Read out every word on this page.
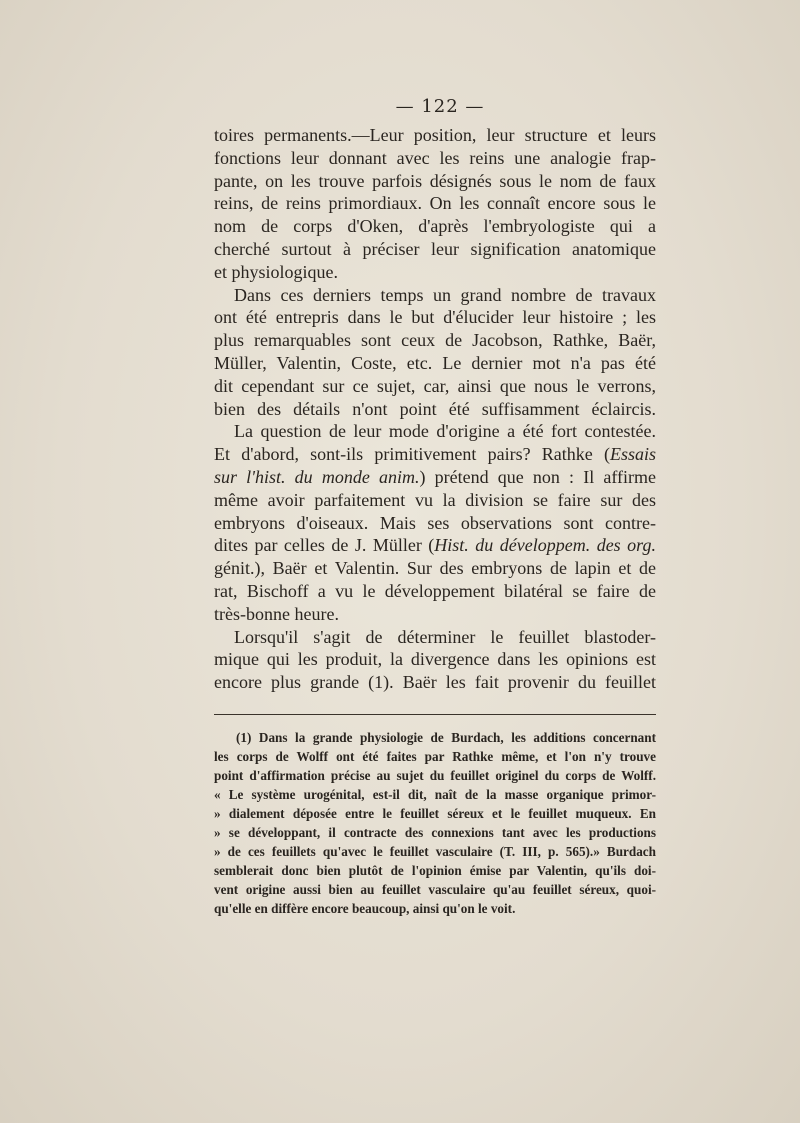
— 122 —
toires permanents.—Leur position, leur structure et leurs
fonctions leur donnant avec les reins une analogie frap-
pante, on les trouve parfois désignés sous le nom de faux
reins, de reins primordiaux. On les connaît encore sous le
nom de corps d'Oken, d'après l'embryologiste qui a
cherché surtout à préciser leur signification anatomique
et physiologique.
Dans ces derniers temps un grand nombre de travaux
ont été entrepris dans le but d'élucider leur histoire ; les
plus remarquables sont ceux de Jacobson, Rathke, Baër,
Müller, Valentin, Coste, etc. Le dernier mot n'a pas été
dit cependant sur ce sujet, car, ainsi que nous le verrons,
bien des détails n'ont point été suffisamment éclaircis.
La question de leur mode d'origine a été fort contestée.
Et d'abord, sont-ils primitivement pairs? Rathke (Essais
sur l'hist. du monde anim.) prétend que non : Il affirme
même avoir parfaitement vu la division se faire sur des
embryons d'oiseaux. Mais ses observations sont contre-
dites par celles de J. Müller (Hist. du développem. des org.
génit.), Baër et Valentin. Sur des embryons de lapin et de
rat, Bischoff a vu le développement bilatéral se faire de
très-bonne heure.
Lorsqu'il s'agit de déterminer le feuillet blastoder-
mique qui les produit, la divergence dans les opinions est
encore plus grande (1). Baër les fait provenir du feuillet
(1) Dans la grande physiologie de Burdach, les additions concernant
les corps de Wolff ont été faites par Rathke même, et l'on n'y trouve
point d'affirmation précise au sujet du feuillet originel du corps de Wolff.
« Le système urogénital, est-il dit, naît de la masse organique primor-
» dialement déposée entre le feuillet séreux et le feuillet muqueux. En
» se développant, il contracte des connexions tant avec les productions
» de ces feuillets qu'avec le feuillet vasculaire (T. III, p. 565).» Burdach
semblerait donc bien plutôt de l'opinion émise par Valentin, qu'ils doi-
vent origine aussi bien au feuillet vasculaire qu'au feuillet séreux, quoi-
qu'elle en diffère encore beaucoup, ainsi qu'on le voit.
